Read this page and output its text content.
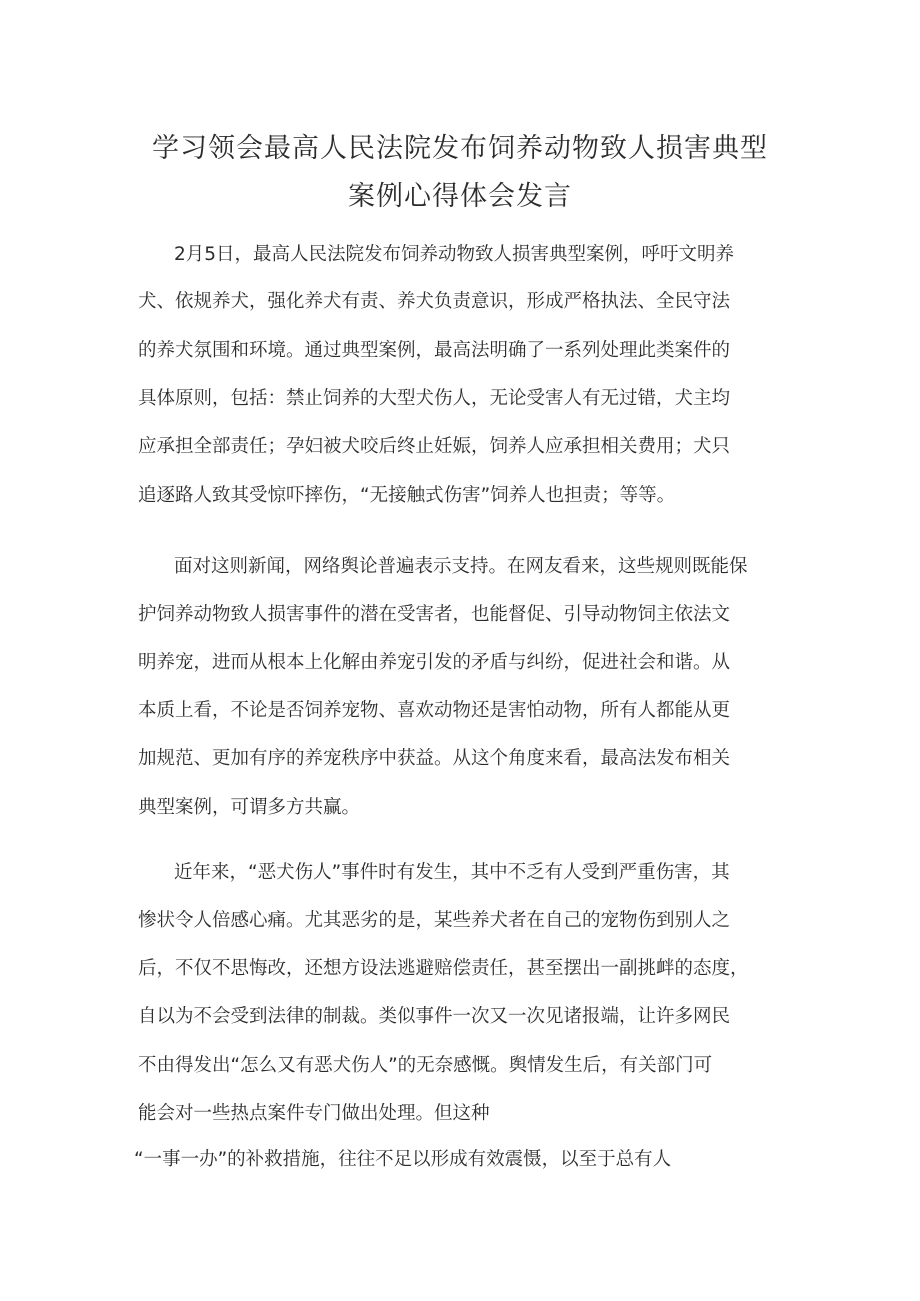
学习领会最高人民法院发布饲养动物致人损害典型
案例心得体会发言

2月5日，最高人民法院发布饲养动物致人损害典型案例，呼吁文明养

犬、依规养犬，强化养犬有责、养犬负责意识，形成严格执法、全民守法

的养犬氛围和环境。通过典型案例，最高法明确了一系列处理此类案件的

具体原则，包括：禁止饲养的大型犬伤人，无论受害人有无过错，犬主均

应承担全部责任；孕妇被犬咬后终止妊娠，饲养人应承担相关费用；犬只

追逐路人致其受惊吓摔伤，“无接触式伤害”饲养人也担责；等等。

面对这则新闻，网络舆论普遍表示支持。在网友看来，这些规则既能保

护饲养动物致人损害事件的潜在受害者，也能督促、引导动物饲主依法文

明养宠，进而从根本上化解由养宠引发的矛盾与纠纷，促进社会和谐。从

本质上看，不论是否饲养宠物、喜欢动物还是害怕动物，所有人都能从更

加规范、更加有序的养宠秩序中获益。从这个角度来看，最高法发布相关

典型案例，可谓多方共赢。

近年来，“恶犬伤人”事件时有发生，其中不乏有人受到严重伤害，其

惨状令人倍感心痛。尤其恶劣的是，某些养犬者在自己的宠物伤到别人之

后，不仅不思悔改，还想方设法逃避赔偿责任，甚至摆出一副挑衅的态度，

自以为不会受到法律的制裁。类似事件一次又一次见诸报端，让许多网民

不由得发出“怎么又有恶犬伤人”的无奈感慨。舆情发生后，有关部门可

能会对一些热点案件专门做出处理。但这种

“一事一办”的补救措施，往往不足以形成有效震慑，以至于总有人
